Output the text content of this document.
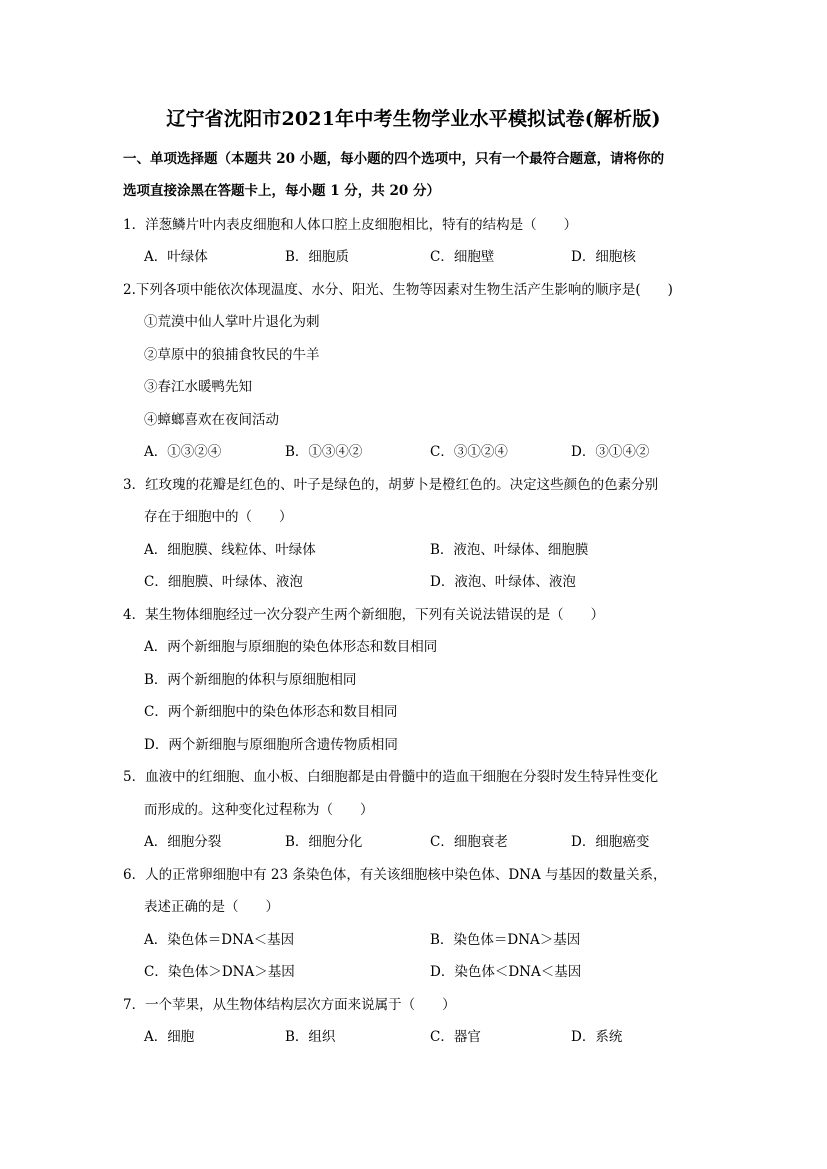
辽宁省沈阳市2021年中考生物学业水平模拟试卷(解析版)
一、单项选择题（本题共 20 小题，每小题的四个选项中，只有一个最符合题意，请将你的
选项直接涂黑在答题卡上，每小题 1 分，共 20 分）
1．洋葱鳞片叶内表皮细胞和人体口腔上皮细胞相比，特有的结构是（　　）
A．叶绿体	B．细胞质	C．细胞壁	D．细胞核
2.下列各项中能依次体现温度、水分、阳光、生物等因素对生物生活产生影响的顺序是(　　)
①荒漠中仙人掌叶片退化为刺
②草原中的狼捕食牧民的牛羊
③春江水暖鸭先知
④蟑螂喜欢在夜间活动
A．①③②④	B．①③④②	C．③①②④	D．③①④②
3．红玫瑰的花瓣是红色的、叶子是绿色的，胡萝卜是橙红色的。决定这些颜色的色素分别
存在于细胞中的（　　）
A．细胞膜、线粒体、叶绿体	B．液泡、叶绿体、细胞膜
C．细胞膜、叶绿体、液泡	D．液泡、叶绿体、液泡
4．某生物体细胞经过一次分裂产生两个新细胞，下列有关说法错误的是（　　）
A．两个新细胞与原细胞的染色体形态和数目相同
B．两个新细胞的体积与原细胞相同
C．两个新细胞中的染色体形态和数目相同
D．两个新细胞与原细胞所含遗传物质相同
5．血液中的红细胞、血小板、白细胞都是由骨髓中的造血干细胞在分裂时发生特异性变化
而形成的。这种变化过程称为（　　）
A．细胞分裂	B．细胞分化	C．细胞衰老	D．细胞癌变
6．人的正常卵细胞中有 23 条染色体，有关该细胞核中染色体、DNA 与基因的数量关系，
表述正确的是（　　）
A．染色体＝DNA＜基因	B．染色体＝DNA＞基因
C．染色体＞DNA＞基因	D．染色体＜DNA＜基因
7．一个苹果，从生物体结构层次方面来说属于（　　）
A．细胞	B．组织	C．器官	D．系统
